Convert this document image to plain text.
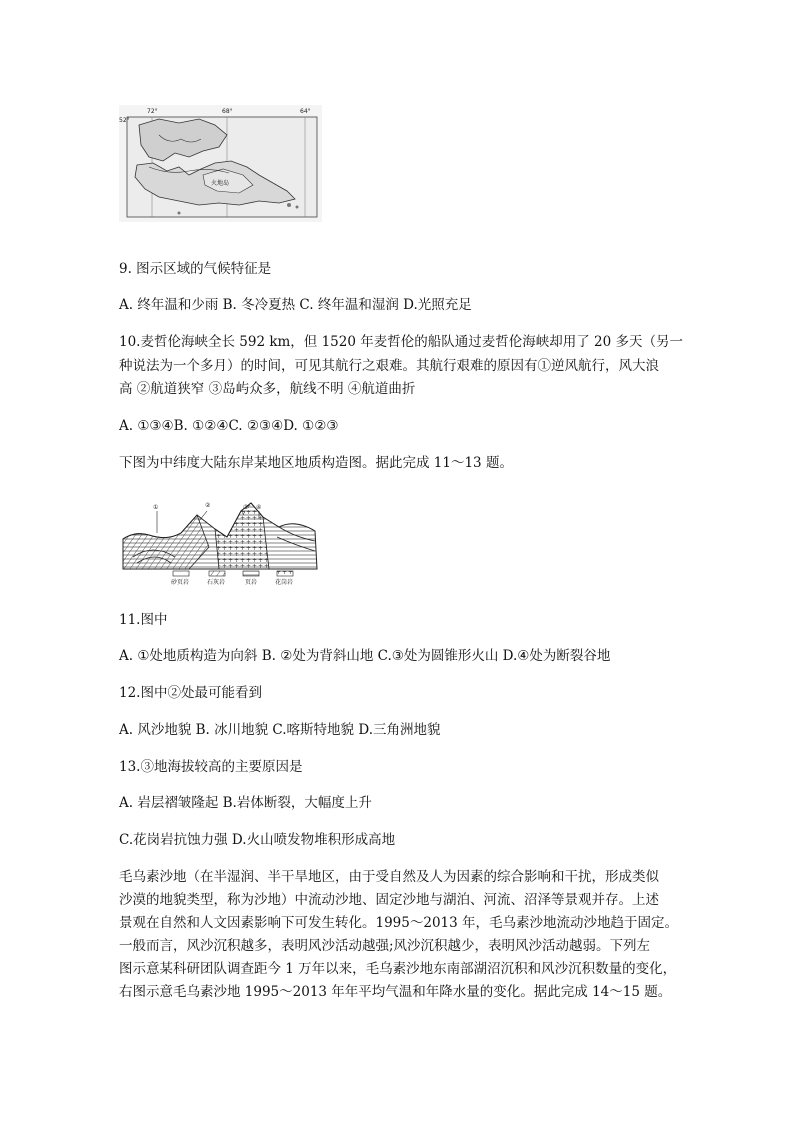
72°	68°	64°
52°
火地岛
9. 图示区域的气候特征是
A. 终年温和少雨 B. 冬冷夏热 C. 终年温和湿润 D.光照充足
10.麦哲伦海峡全长 592 km，但 1520 年麦哲伦的船队通过麦哲伦海峡却用了 20 多天（另一
种说法为一个多月）的时间，可见其航行之艰难。其航行艰难的原因有①逆风航行，风大浪
高 ②航道狭窄 ③岛屿众多，航线不明 ④航道曲折
A. ①③④B. ①②④C. ②③④D. ①②③
下图为中纬度大陆东岸某地区地质构造图。据此完成 11～13 题。
①	②	③ ④
砂页岩	石灰岩	页岩	花岗岩
11.图中
A. ①处地质构造为向斜 B. ②处为背斜山地 C.③处为圆锥形火山 D.④处为断裂谷地
12.图中②处最可能看到
A. 风沙地貌 B. 冰川地貌 C.喀斯特地貌 D.三角洲地貌
13.③地海拔较高的主要原因是
A. 岩层褶皱隆起 B.岩体断裂，大幅度上升
C.花岗岩抗蚀力强 D.火山喷发物堆积形成高地
毛乌素沙地（在半湿润、半干旱地区，由于受自然及人为因素的综合影响和干扰，形成类似
沙漠的地貌类型，称为沙地）中流动沙地、固定沙地与湖泊、河流、沼泽等景观并存。上述
景观在自然和人文因素影响下可发生转化。1995～2013 年，毛乌素沙地流动沙地趋于固定。
一般而言，风沙沉积越多，表明风沙活动越强;风沙沉积越少，表明风沙活动越弱。下列左
图示意某科研团队调查距今 1 万年以来，毛乌素沙地东南部湖沼沉积和风沙沉积数量的变化，
右图示意毛乌素沙地 1995～2013 年年平均气温和年降水量的变化。据此完成 14～15 题。
